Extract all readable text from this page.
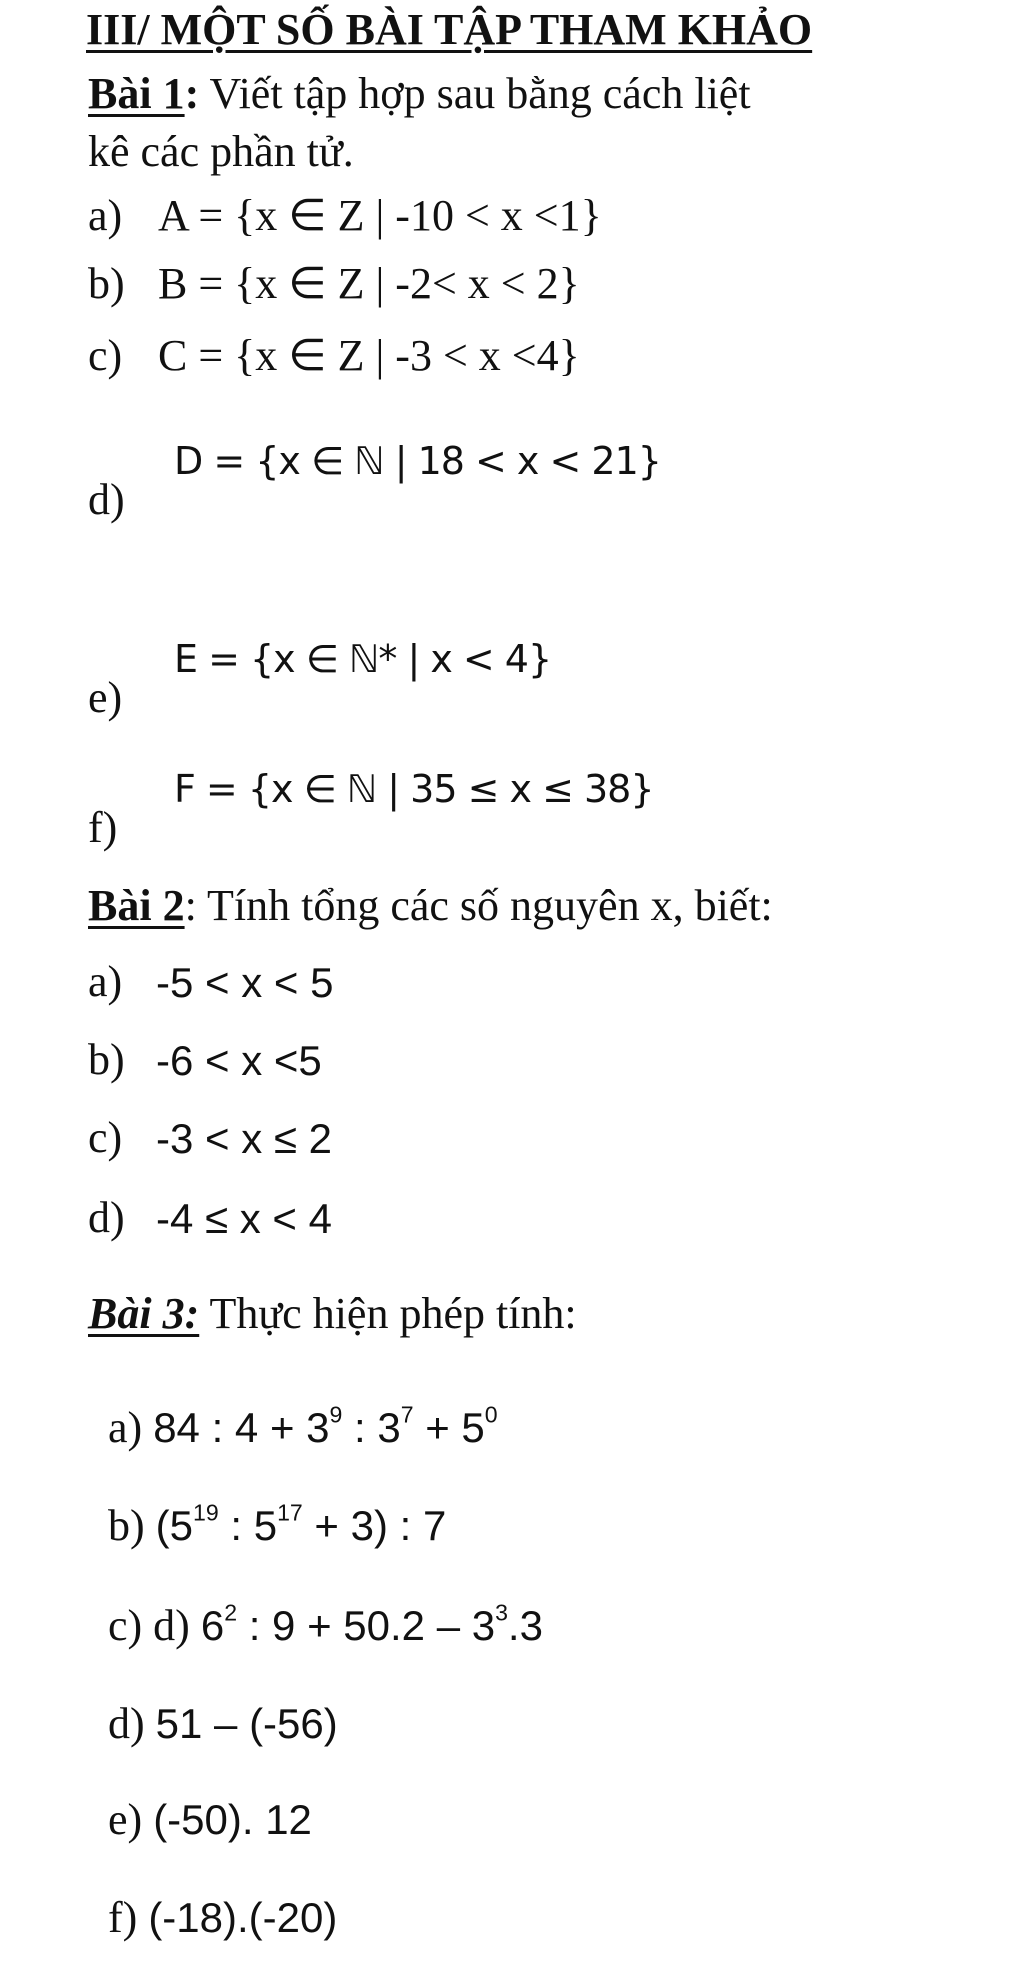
III/ MỘT SỐ BÀI TẬP THAM KHẢO
Bài 1: Viết tập hợp sau bằng cách liệt
kê các phần tử.
a) A = {x ∈ Z | -10 < x <1}
b) B = {x ∈ Z | -2< x < 2}
c) C = {x ∈ Z | -3 < x <4}
d)
D = {x ∈ ℕ | 18 < x < 21}
e)
E = {x ∈ ℕ* | x < 4}
f)
F = {x ∈ ℕ | 35 ≤ x ≤ 38}
Bài 2: Tính tổng các số nguyên x, biết:
a) -5 < x < 5
b) -6 < x <5
c) -3 < x ≤ 2
d) -4 ≤ x < 4
Bài 3: Thực hiện phép tính:
a) 84 : $4 + 3^9$ : $3^7 + 5^0$
b) ($5^{19}$ : $5^{17} + 3$) : 7
c) d) $6^2$ : $9 + 50.2 - 3^3.3$
d) 51 – (-56)
e) (-50). 12
f) (-18).(-20)
